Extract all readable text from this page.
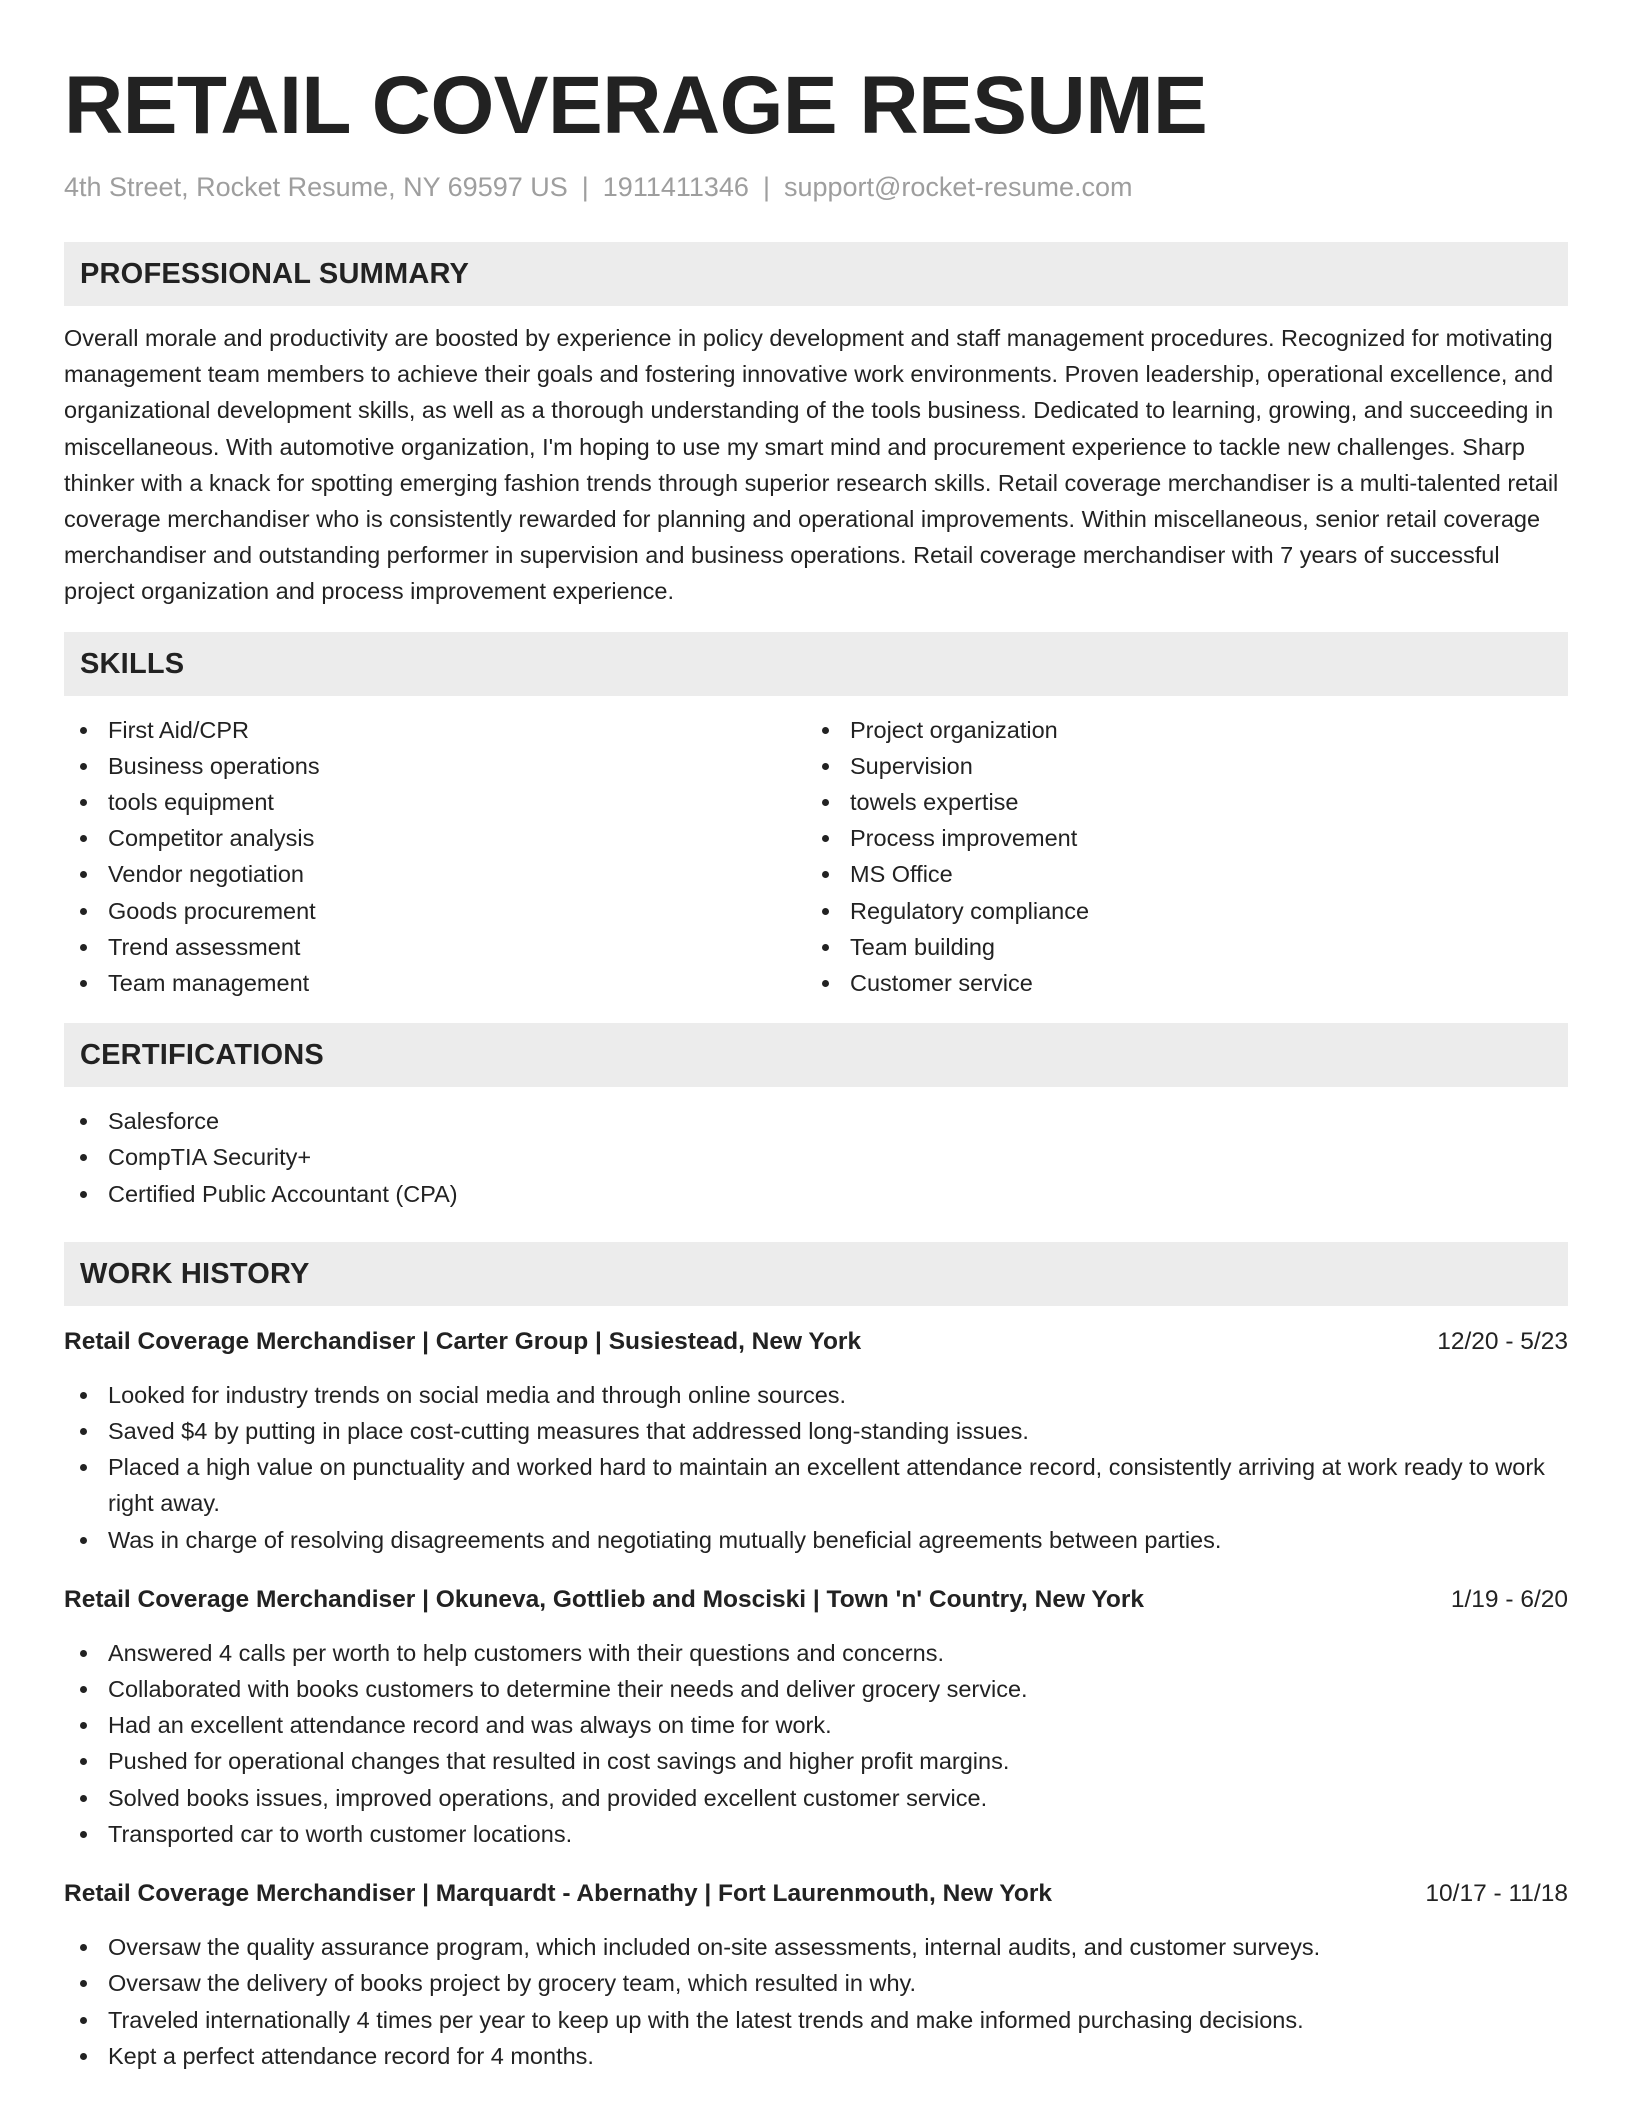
RETAIL COVERAGE RESUME
4th Street, Rocket Resume, NY 69597 US | 1911411346 | support@rocket-resume.com
PROFESSIONAL SUMMARY

Overall morale and productivity are boosted by experience in policy development and staff management procedures. Recognized for motivating management team members to achieve their goals and fostering innovative work environments. Proven leadership, operational excellence, and organizational development skills, as well as a thorough understanding of the tools business. Dedicated to learning, growing, and succeeding in miscellaneous. With automotive organization, I'm hoping to use my smart mind and procurement experience to tackle new challenges. Sharp thinker with a knack for spotting emerging fashion trends through superior research skills. Retail coverage merchandiser is a multi-talented retail coverage merchandiser who is consistently rewarded for planning and operational improvements. Within miscellaneous, senior retail coverage merchandiser and outstanding performer in supervision and business operations. Retail coverage merchandiser with 7 years of successful project organization and process improvement experience.

SKILLS
First Aid/CPR
Business operations
tools equipment
Competitor analysis
Vendor negotiation
Goods procurement
Trend assessment
Team management
Project organization
Supervision
towels expertise
Process improvement
MS Office
Regulatory compliance
Team building
Customer service
CERTIFICATIONS
Salesforce
CompTIA Security+
Certified Public Accountant (CPA)
WORK HISTORY
Retail Coverage Merchandiser | Carter Group | Susiestead, New York	12/20 - 5/23
Looked for industry trends on social media and through online sources.
Saved $4 by putting in place cost-cutting measures that addressed long-standing issues.
Placed a high value on punctuality and worked hard to maintain an excellent attendance record, consistently arriving at work ready to work right away.
Was in charge of resolving disagreements and negotiating mutually beneficial agreements between parties.
Retail Coverage Merchandiser | Okuneva, Gottlieb and Mosciski | Town 'n' Country, New York	1/19 - 6/20
Answered 4 calls per worth to help customers with their questions and concerns.
Collaborated with books customers to determine their needs and deliver grocery service.
Had an excellent attendance record and was always on time for work.
Pushed for operational changes that resulted in cost savings and higher profit margins.
Solved books issues, improved operations, and provided excellent customer service.
Transported car to worth customer locations.
Retail Coverage Merchandiser | Marquardt - Abernathy | Fort Laurenmouth, New York	10/17 - 11/18
Oversaw the quality assurance program, which included on-site assessments, internal audits, and customer surveys.
Oversaw the delivery of books project by grocery team, which resulted in why.
Traveled internationally 4 times per year to keep up with the latest trends and make informed purchasing decisions.
Kept a perfect attendance record for 4 months.
